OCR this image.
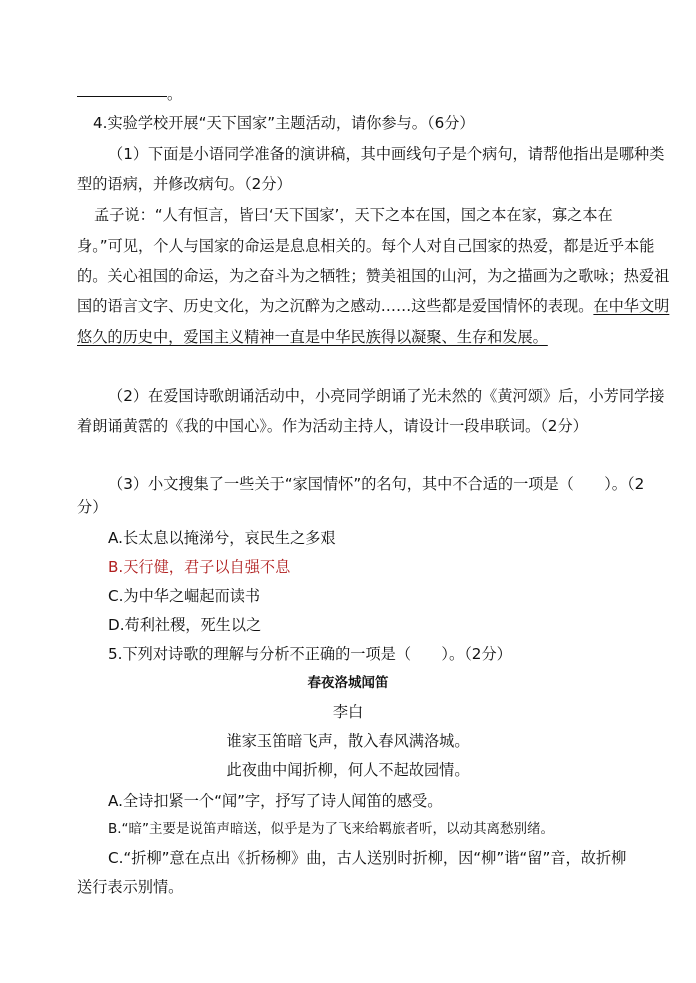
。
4.实验学校开展“天下国家”主题活动，请你参与。（6分）
（1）下面是小语同学准备的演讲稿，其中画线句子是个病句，请帮他指出是哪种类
型的语病，并修改病句。（2分）
孟子说：“人有恒言，皆曰‘天下国家’，天下之本在国，国之本在家，寡之本在
身。”可见，个人与国家的命运是息息相关的。每个人对自己国家的热爱，都是近乎本能
的。关心祖国的命运，为之奋斗为之牺牲；赞美祖国的山河，为之描画为之歌咏；热爱祖
国的语言文字、历史文化，为之沉醉为之感动……这些都是爱国情怀的表现。在中华文明
悠久的历史中，爱国主义精神一直是中华民族得以凝聚、生存和发展。
（2）在爱国诗歌朗诵活动中，小亮同学朗诵了光未然的《黄河颂》后，小芳同学接
着朗诵黄霑的《我的中国心》。作为活动主持人，请设计一段串联词。（2分）
（3）小文搜集了一些关于“家国情怀”的名句，其中不合适的一项是（　　）。（2
分）
A.长太息以掩涕兮，哀民生之多艰
B.天行健，君子以自强不息
C.为中华之崛起而读书
D.苟利社稷，死生以之
5.下列对诗歌的理解与分析不正确的一项是（　　）。（2分）
春夜洛城闻笛
李白
谁家玉笛暗飞声，散入春风满洛城。
此夜曲中闻折柳，何人不起故园情。
A.全诗扣紧一个“闻”字，抒写了诗人闻笛的感受。
B.“暗”主要是说笛声暗送，似乎是为了飞来给羁旅者听，以动其离愁别绪。
C.“折柳”意在点出《折杨柳》曲，古人送别时折柳，因“柳”谐“留”音，故折柳
送行表示别情。
